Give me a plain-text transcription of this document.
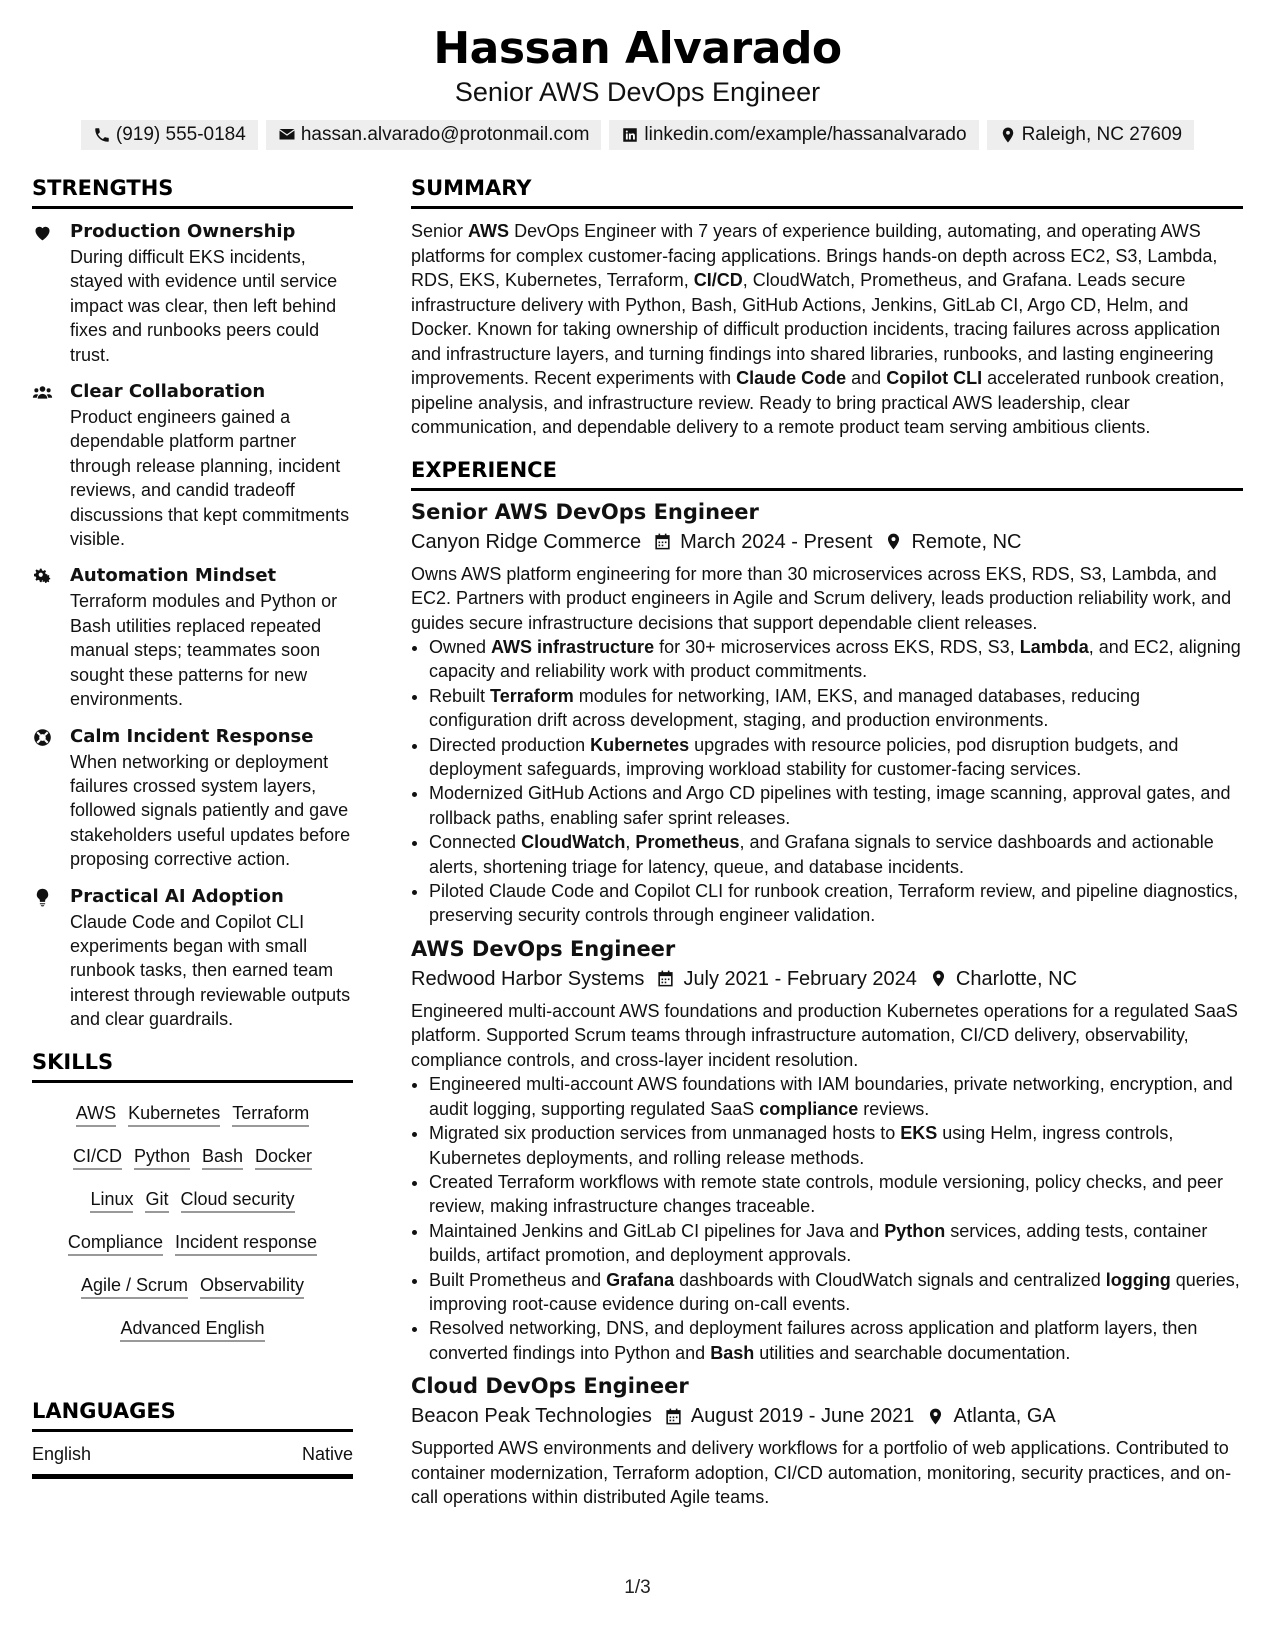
Hassan Alvarado
Senior AWS DevOps Engineer
(919) 555-0184	hassan.alvarado@protonmail.com	linkedin.com/example/hassanalvarado	Raleigh, NC 27609
STRENGTHS
Production Ownership
During difficult EKS incidents, stayed with evidence until service impact was clear, then left behind fixes and runbooks peers could trust.
Clear Collaboration
Product engineers gained a dependable platform partner through release planning, incident reviews, and candid tradeoff discussions that kept commitments visible.
Automation Mindset
Terraform modules and Python or Bash utilities replaced repeated manual steps; teammates soon sought these patterns for new environments.
Calm Incident Response
When networking or deployment failures crossed system layers, followed signals patiently and gave stakeholders useful updates before proposing corrective action.
Practical AI Adoption
Claude Code and Copilot CLI experiments began with small runbook tasks, then earned team interest through reviewable outputs and clear guardrails.
SKILLS
AWS Kubernetes Terraform
CI/CD Python Bash Docker
Linux Git Cloud security
Compliance Incident response
Agile / Scrum Observability
Advanced English
LANGUAGES
English	Native
SUMMARY

Senior AWS DevOps Engineer with 7 years of experience building, automating, and operating AWS platforms for complex customer-facing applications. Brings hands-on depth across EC2, S3, Lambda, RDS, EKS, Kubernetes, Terraform, CI/CD, CloudWatch, Prometheus, and Grafana. Leads secure infrastructure delivery with Python, Bash, GitHub Actions, Jenkins, GitLab CI, Argo CD, Helm, and Docker. Known for taking ownership of difficult production incidents, tracing failures across application and infrastructure layers, and turning findings into shared libraries, runbooks, and lasting engineering improvements. Recent experiments with Claude Code and Copilot CLI accelerated runbook creation, pipeline analysis, and infrastructure review. Ready to bring practical AWS leadership, clear communication, and dependable delivery to a remote product team serving ambitious clients.

EXPERIENCE
Senior AWS DevOps Engineer
Canyon Ridge Commerce March 2024 - Present Remote, NC

Owns AWS platform engineering for more than 30 microservices across EKS, RDS, S3, Lambda, and EC2. Partners with product engineers in Agile and Scrum delivery, leads production reliability work, and guides secure infrastructure decisions that support dependable client releases.

• Owned AWS infrastructure for 30+ microservices across EKS, RDS, S3, Lambda, and EC2, aligning capacity and reliability work with product commitments.
• Rebuilt Terraform modules for networking, IAM, EKS, and managed databases, reducing configuration drift across development, staging, and production environments.
• Directed production Kubernetes upgrades with resource policies, pod disruption budgets, and deployment safeguards, improving workload stability for customer-facing services.
• Modernized GitHub Actions and Argo CD pipelines with testing, image scanning, approval gates, and rollback paths, enabling safer sprint releases.
• Connected CloudWatch, Prometheus, and Grafana signals to service dashboards and actionable alerts, shortening triage for latency, queue, and database incidents.
• Piloted Claude Code and Copilot CLI for runbook creation, Terraform review, and pipeline diagnostics, preserving security controls through engineer validation.
AWS DevOps Engineer
Redwood Harbor Systems July 2021 - February 2024 Charlotte, NC

Engineered multi-account AWS foundations and production Kubernetes operations for a regulated SaaS platform. Supported Scrum teams through infrastructure automation, CI/CD delivery, observability, compliance controls, and cross-layer incident resolution.

• Engineered multi-account AWS foundations with IAM boundaries, private networking, encryption, and audit logging, supporting regulated SaaS compliance reviews.
• Migrated six production services from unmanaged hosts to EKS using Helm, ingress controls, Kubernetes deployments, and rolling release methods.
• Created Terraform workflows with remote state controls, module versioning, policy checks, and peer review, making infrastructure changes traceable.
• Maintained Jenkins and GitLab CI pipelines for Java and Python services, adding tests, container builds, artifact promotion, and deployment approvals.
• Built Prometheus and Grafana dashboards with CloudWatch signals and centralized logging queries, improving root-cause evidence during on-call events.
• Resolved networking, DNS, and deployment failures across application and platform layers, then converted findings into Python and Bash utilities and searchable documentation.
Cloud DevOps Engineer
Beacon Peak Technologies August 2019 - June 2021 Atlanta, GA

Supported AWS environments and delivery workflows for a portfolio of web applications. Contributed to container modernization, Terraform adoption, CI/CD automation, monitoring, security practices, and on-call operations within distributed Agile teams.

1/3
